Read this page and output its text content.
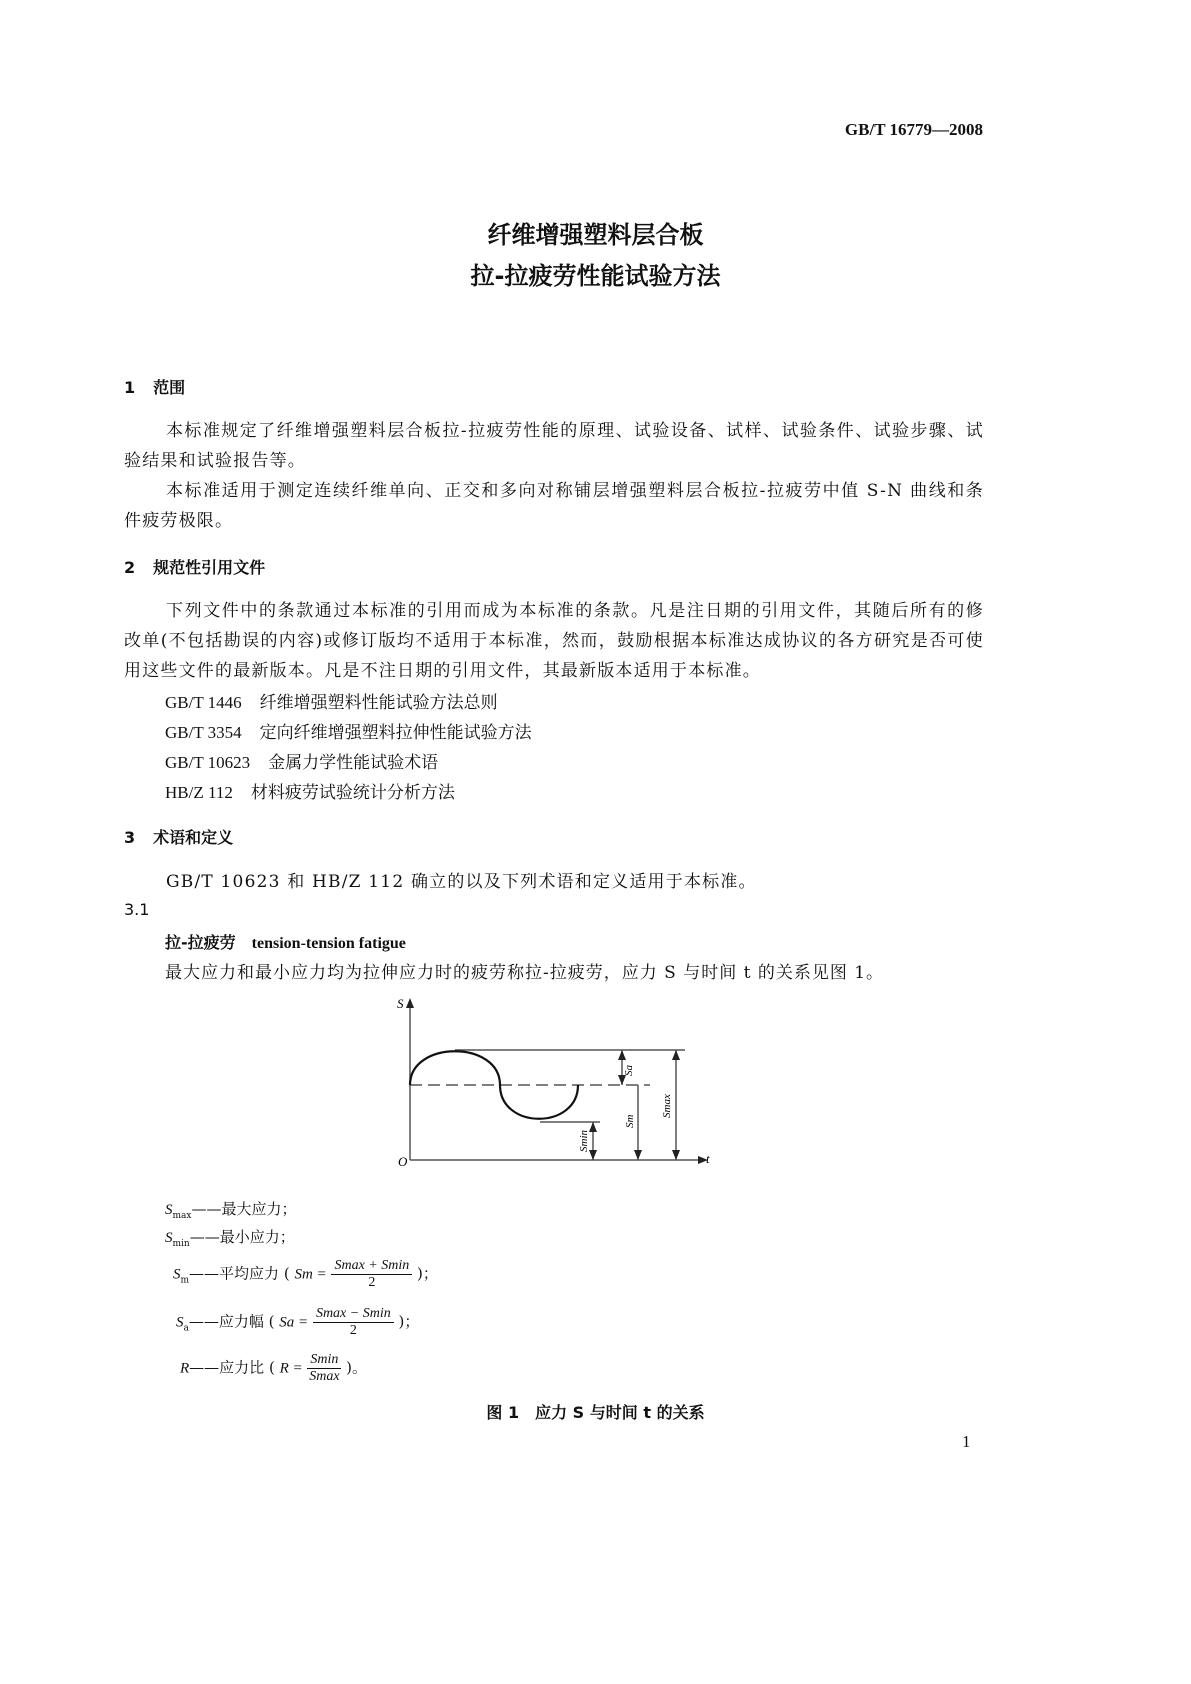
GB/T 16779—2008
纤维增强塑料层合板
拉-拉疲劳性能试验方法
1 范围
本标准规定了纤维增强塑料层合板拉-拉疲劳性能的原理、试验设备、试样、试验条件、试验步骤、试验结果和试验报告等。
本标准适用于测定连续纤维单向、正交和多向对称铺层增强塑料层合板拉-拉疲劳中值 S-N 曲线和条件疲劳极限。
2 规范性引用文件
下列文件中的条款通过本标准的引用而成为本标准的条款。凡是注日期的引用文件，其随后所有的修改单(不包括勘误的内容)或修订版均不适用于本标准，然而，鼓励根据本标准达成协议的各方研究是否可使用这些文件的最新版本。凡是不注日期的引用文件，其最新版本适用于本标准。
GB/T 1446 纤维增强塑料性能试验方法总则
GB/T 3354 定向纤维增强塑料拉伸性能试验方法
GB/T 10623 金属力学性能试验术语
HB/Z 112 材料疲劳试验统计分析方法
3 术语和定义
GB/T 10623 和 HB/Z 112 确立的以及下列术语和定义适用于本标准。
3.1
拉-拉疲劳　 tension-tension fatigue
最大应力和最小应力均为拉伸应力时的疲劳称拉-拉疲劳，应力 S 与时间 t 的关系见图 1。
S
t
O
Sa
Sm
Smax
Smin
$S_{max}——$最大应力；
$S_{min}——$最小应力；
$S_m——$平均应力 ( $Sm = \frac{Smax + Smin}{2}$ )；
$S_a——$应力幅 ( $Sa = \frac{Smax - Smin}{2}$ )；
R——应力比 ( $R = \frac{Smin}{Smax}$ )。
图 1　应力 S 与时间 t 的关系
1
